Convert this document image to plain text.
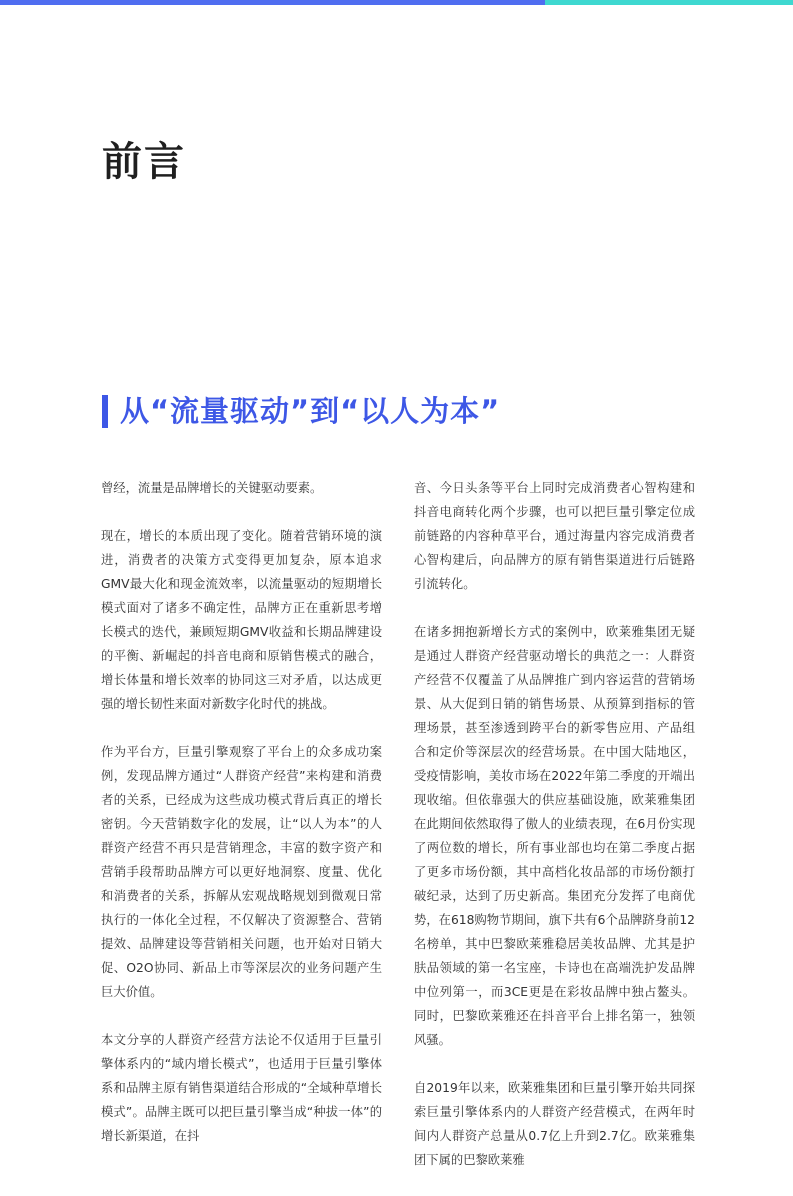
前言
从“流量驱动”到“以人为本”

曾经，流量是品牌增长的关键驱动要素。

现在，增长的本质出现了变化。随着营销环境的演进，消费者的决策方式变得更加复杂，原本追求GMV最大化和现金流效率，以流量驱动的短期增长模式面对了诸多不确定性，品牌方正在重新思考增长模式的迭代，兼顾短期GMV收益和长期品牌建设的平衡、新崛起的抖音电商和原销售模式的融合，增长体量和增长效率的协同这三对矛盾，以达成更强的增长韧性来面对新数字化时代的挑战。

作为平台方，巨量引擎观察了平台上的众多成功案例，发现品牌方通过“人群资产经营”来构建和消费者的关系，已经成为这些成功模式背后真正的增长密钥。今天营销数字化的发展，让“以人为本”的人群资产经营不再只是营销理念，丰富的数字资产和营销手段帮助品牌方可以更好地洞察、度量、优化和消费者的关系，拆解从宏观战略规划到微观日常执行的一体化全过程，不仅解决了资源整合、营销提效、品牌建设等营销相关问题，也开始对日销大促、O2O协同、新品上市等深层次的业务问题产生巨大价值。

本文分享的人群资产经营方法论不仅适用于巨量引擎体系内的“域内增长模式”，也适用于巨量引擎体系和品牌主原有销售渠道结合形成的“全域种草增长模式”。品牌主既可以把巨量引擎当成“种拔一体”的增长新渠道，在抖

音、今日头条等平台上同时完成消费者心智构建和抖音电商转化两个步骤，也可以把巨量引擎定位成前链路的内容种草平台，通过海量内容完成消费者心智构建后，向品牌方的原有销售渠道进行后链路引流转化。

在诸多拥抱新增长方式的案例中，欧莱雅集团无疑是通过人群资产经营驱动增长的典范之一：人群资产经营不仅覆盖了从品牌推广到内容运营的营销场景、从大促到日销的销售场景、从预算到指标的管理场景，甚至渗透到跨平台的新零售应用、产品组合和定价等深层次的经营场景。在中国大陆地区，受疫情影响，美妆市场在2022年第二季度的开端出现收缩。但依靠强大的供应基础设施，欧莱雅集团在此期间依然取得了傲人的业绩表现，在6月份实现了两位数的增长，所有事业部也均在第二季度占据了更多市场份额，其中高档化妆品部的市场份额打破纪录，达到了历史新高。集团充分发挥了电商优势，在618购物节期间，旗下共有6个品牌跻身前12名榜单，其中巴黎欧莱雅稳居美妆品牌、尤其是护肤品领域的第一名宝座，卡诗也在高端洗护发品牌中位列第一，而3CE更是在彩妆品牌中独占鳌头。同时，巴黎欧莱雅还在抖音平台上排名第一，独领风骚。

自2019年以来，欧莱雅集团和巨量引擎开始共同探索巨量引擎体系内的人群资产经营模式，在两年时间内人群资产总量从0.7亿上升到2.7亿。欧莱雅集团下属的巴黎欧莱雅
